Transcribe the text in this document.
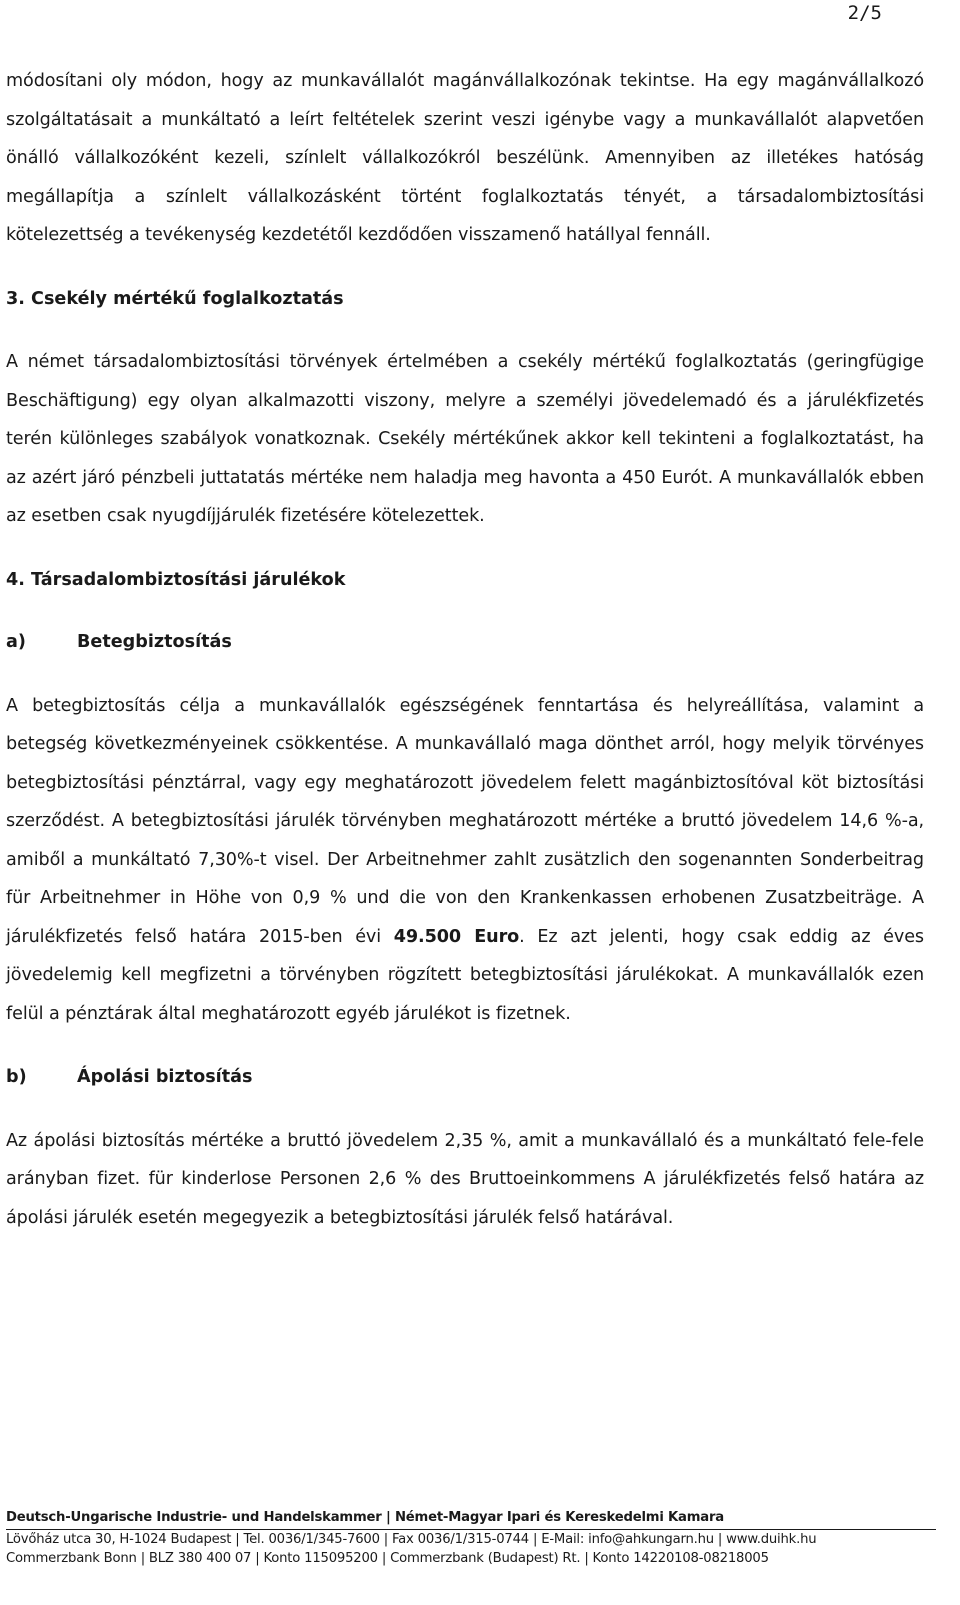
2/5

módosítani oly módon, hogy az munkavállalót magánvállalkozónak tekintse. Ha egy magánvállalkozó szolgáltatásait a munkáltató a leírt feltételek szerint veszi igénybe vagy a munkavállalót alapvetően önálló vállalkozóként kezeli, színlelt vállalkozókról beszélünk. Amennyiben az illetékes hatóság megállapítja a színlelt vállalkozásként történt foglalkoztatás tényét, a társadalombiztosítási kötelezettség a tevékenység kezdetétől kezdődően visszamenő hatállyal fennáll.

3. Csekély mértékű foglalkoztatás

A német társadalombiztosítási törvények értelmében a csekély mértékű foglalkoztatás (geringfügige Beschäftigung) egy olyan alkalmazotti viszony, melyre a személyi jövedelemadó és a járulékfizetés terén különleges szabályok vonatkoznak. Csekély mértékűnek akkor kell tekinteni a foglalkoztatást, ha az azért járó pénzbeli juttatatás mértéke nem haladja meg havonta a 450 Eurót. A munkavállalók ebben az esetben csak nyugdíjjárulék fizetésére kötelezettek.

4. Társadalombiztosítási járulékok

a)	Betegbiztosítás

A betegbiztosítás célja a munkavállalók egészségének fenntartása és helyreállítása, valamint a betegség következményeinek csökkentése. A munkavállaló maga dönthet arról, hogy melyik törvényes betegbiztosítási pénztárral, vagy egy meghatározott jövedelem felett magánbiztosítóval köt biztosítási szerződést. A betegbiztosítási járulék törvényben meghatározott mértéke a bruttó jövedelem 14,6 %-a, amiből a munkáltató 7,30%-t visel. Der Arbeitnehmer zahlt zusätzlich den sogenannten Sonderbeitrag für Arbeitnehmer in Höhe von 0,9 % und die von den Krankenkassen erhobenen Zusatzbeiträge. A járulékfizetés felső határa 2015-ben évi 49.500 Euro. Ez azt jelenti, hogy csak eddig az éves jövedelemig kell megfizetni a törvényben rögzített betegbiztosítási járulékokat. A munkavállalók ezen felül a pénztárak által meghatározott egyéb járulékot is fizetnek.

b)	Ápolási biztosítás

Az ápolási biztosítás mértéke a bruttó jövedelem 2,35 %, amit a munkavállaló és a munkáltató fele-fele arányban fizet. für kinderlose Personen 2,6 % des Bruttoeinkommens A járulékfizetés felső határa az ápolási járulék esetén megegyezik a betegbiztosítási járulék felső határával.

Deutsch-Ungarische Industrie- und Handelskammer | Német-Magyar Ipari és Kereskedelmi Kamara
Lövőház utca 30, H-1024 Budapest | Tel. 0036/1/345-7600 | Fax 0036/1/315-0744 | E-Mail: info@ahkungarn.hu | www.duihk.hu
Commerzbank Bonn | BLZ 380 400 07 | Konto 115095200 | Commerzbank (Budapest) Rt. | Konto 14220108-08218005
